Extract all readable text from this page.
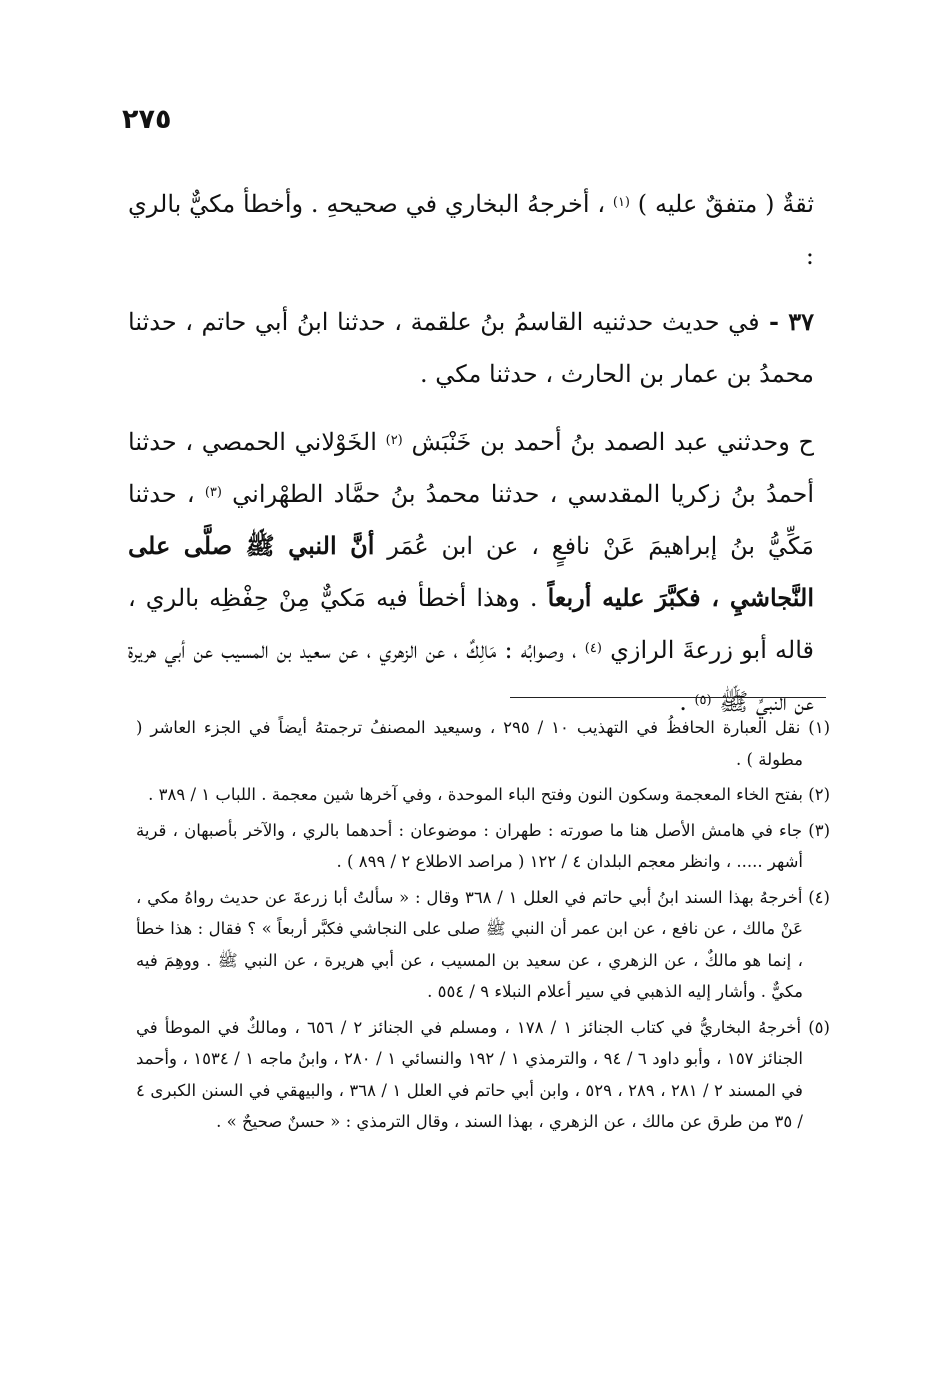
٢٧٥

ثقةٌ ( متفقٌ عليه ) $^{(١)}$ ، أخرجهُ البخاري في صحيحهِ . وأخطأ مكيٌّ بالري :

٣٧ - في حديث حدثنيه القاسمُ بنُ علقمة ، حدثنا ابنُ أبي حاتم ، حدثنا محمدُ بن عمار بن الحارث ، حدثنا مكي .

ح وحدثني عبد الصمد بنُ أحمد بن خَنْبَش $^{(٢)}$ الخَوْلاني الحمصي ، حدثنا أحمدُ بنُ زكريا المقدسي ، حدثنا محمدُ بنُ حمَّاد الطهْراني $^{(٣)}$ ، حدثنا مَكِّيُّ بنُ إبراهيمَ عَنْ نافعٍ ، عن ابن عُمَر أنَّ النبي ﷺ صلَّى على النَّجاشيِ ، فكبَّرَ عليه أربعاً . وهذا أخطأ فيه مَكيٌّ مِنْ حِفْظِه بالري ، قاله أبو زرعةَ الرازي $^{(٤)}$ ، وصوابُه : مَالِكٌ ، عن الزهري ، عن سعيد بن المسيب عن أبي هريرة عن النبيِّ ﷺ $^{(٥)}$ .

(١) نقل العبارة الحافظُ في التهذيب ١٠ / ٢٩٥ ، وسيعيد المصنفُ ترجمتهُ أيضاً في الجزء العاشر ( مطولة ) .

(٢) بفتح الخاء المعجمة وسكون النون وفتح الباء الموحدة ، وفي آخرها شين معجمة . اللباب ١ / ٣٨٩ .

(٣) جاء في هامش الأصل هنا ما صورته : طهران : موضوعان : أحدهما بالري ، والآخر بأصبهان ، قرية أشهر ..... ، وانظر معجم البلدان ٤ / ١٢٢ ( مراصد الاطلاع ٢ / ٨٩٩ ) .

(٤) أخرجهُ بهذا السند ابنُ أبي حاتم في العلل ١ / ٣٦٨ وقال : « سألتُ أبا زرعةَ عن حديث رواهُ مكي ، عَنْ مالك ، عن نافع ، عن ابن عمر أن النبي ﷺ صلى على النجاشي فكبَّر أربعاً » ؟ فقال : هذا خطأ ، إنما هو مالكٌ ، عن الزهري ، عن سعيد بن المسيب ، عن أبي هريرة ، عن النبي ﷺ . ووهِمَ فيه مكيٌّ . وأشار إليه الذهبي في سير أعلام النبلاء ٩ / ٥٥٤ .

(٥) أخرجهُ البخاريُّ في كتاب الجنائز ١ / ١٧٨ ، ومسلم في الجنائز ٢ / ٦٥٦ ، ومالكٌ في الموطأ في الجنائز ١٥٧ ، وأبو داود ٦ / ٩٤ ، والترمذي ١ / ١٩٢ والنسائي ١ / ٢٨٠ ، وابنُ ماجه ١ / ١٥٣٤ ، وأحمد في المسند ٢ / ٢٨١ ، ٢٨٩ ، ٥٢٩ ، وابن أبي حاتم في العلل ١ / ٣٦٨ ، والبيهقي في السنن الكبرى ٤ / ٣٥ من طرق عن مالك ، عن الزهري ، بهذا السند ، وقال الترمذي : « حسنٌ صحيحٌ » .
